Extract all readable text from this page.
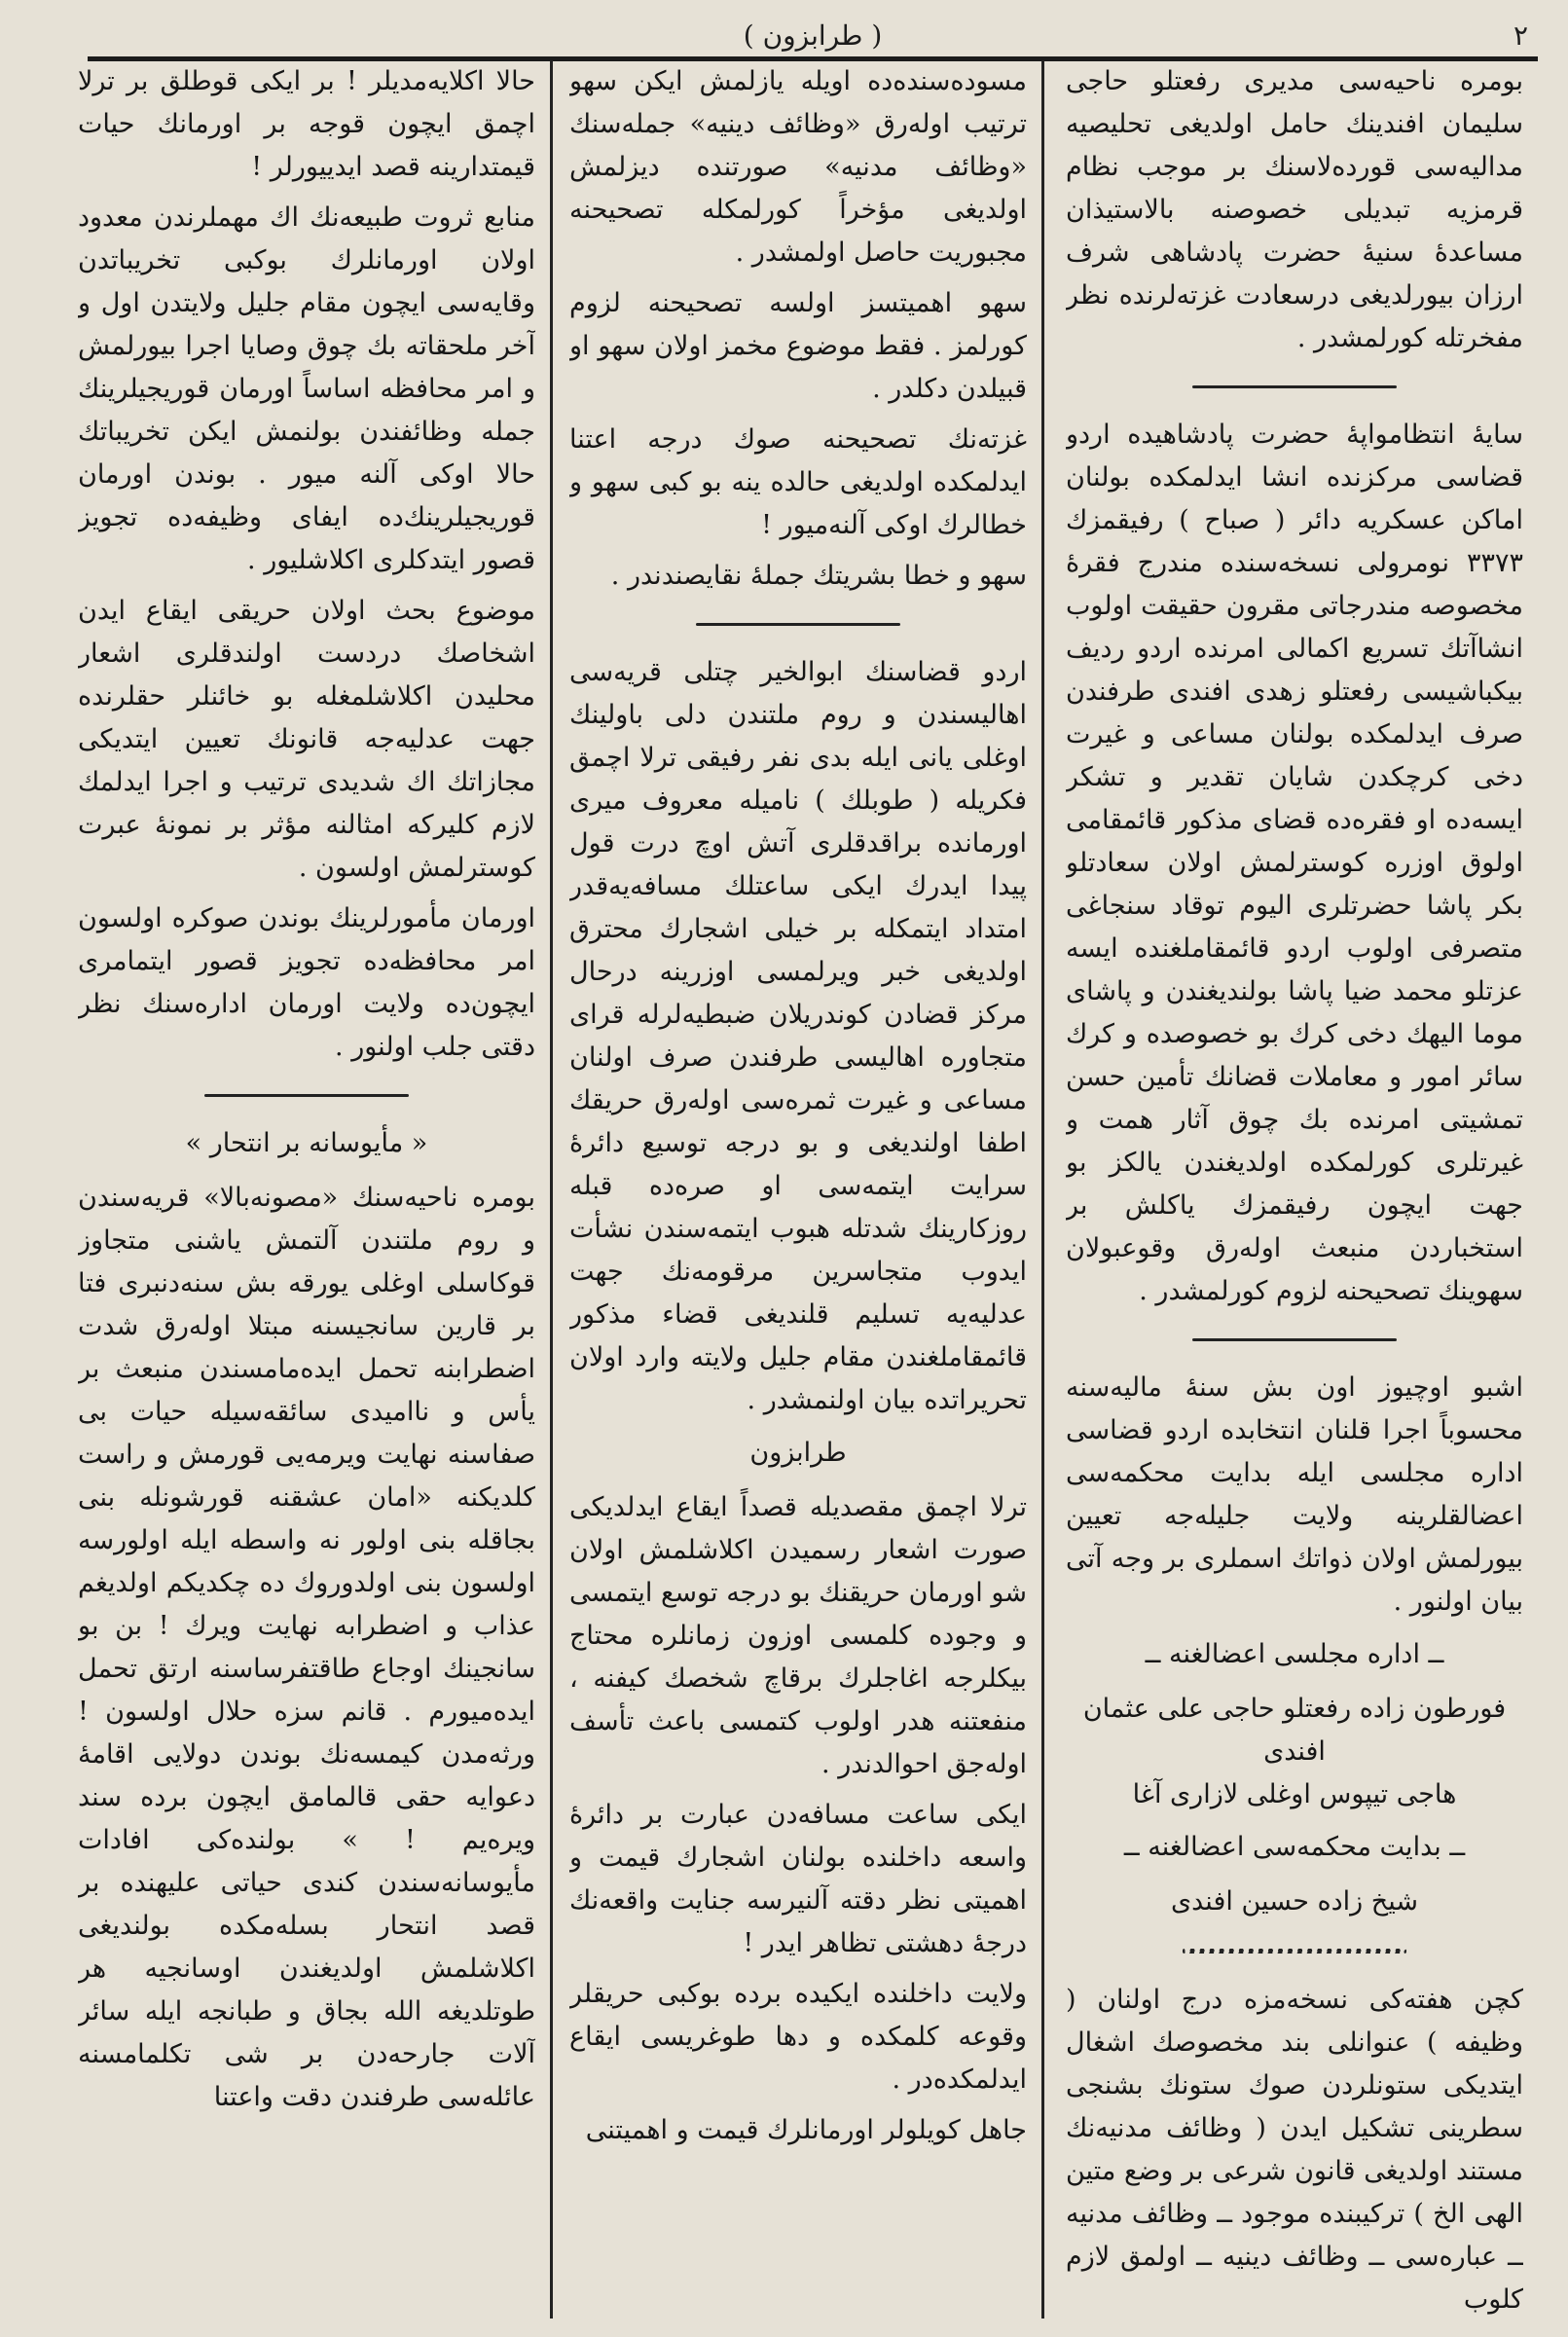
( طرابزون )	٢

بومره ناحیه‌سی مدیری رفعتلو حاجی سلیمان افندینك حامل اولدیغی تحلیصیه مدالیه‌سی قورده‌لاسنك بر موجب نظام قرمزیه تبدیلی خصوصنه بالاستیذان مساعدهٔ سنیهٔ حضرت پادشاهی شرف ارزان بیورلدیغی درسعادت غزته‌لرنده نظر مفخرتله کورلمشدر .

سایهٔ انتظامواپهٔ حضرت پادشاهیده اردو قضاسی مرکزنده انشا ایدلمکده بولنان اماکن عسکریه دائر ( صباح ) رفیقمزك ٣٣٧٣ نومرولی نسخه‌سنده مندرج فقرهٔ مخصوصه مندرجاتی مقرون حقیقت اولوب انشاآتك تسریع اکمالی امرنده اردو ردیف بیکباشیسی رفعتلو زهدی افندی طرفندن صرف ایدلمکده بولنان مساعی و غیرت دخی کرچکدن شایان تقدیر و تشکر ایسه‌ده او فقره‌ده قضای مذکور قائمقامی اولوق اوزره کوسترلمش اولان سعادتلو بکر پاشا حضرتلری الیوم توقاد سنجاغی متصرفی اولوب اردو قائمقاملغنده ایسه عزتلو محمد ضیا پاشا بولندیغندن و پاشای موما الیهك دخی کرك بو خصوصده و کرك سائر امور و معاملات قضانك تأمین حسن تمشیتی امرنده بك چوق آثار همت و غیرتلری کورلمکده اولدیغندن یالکز بو جهت ایچون رفیقمزك یاکلش بر استخباردن منبعث اوله‌رق وقوعبولان سهوینك تصحیحنه لزوم کورلمشدر .

اشبو اوچیوز اون بش سنهٔ مالیه‌سنه محسوباً اجرا قلنان انتخابده اردو قضاسی اداره مجلسی ایله بدایت محکمه‌سی اعضالقلرینه ولایت جلیله‌جه تعیین بیورلمش اولان ذواتك اسملری بر وجه آتی بیان اولنور .

ــ اداره مجلسی اعضالغنه ــ
فورطون زاده رفعتلو حاجی علی عثمان افندی
هاجی تیپوس اوغلی لازاری آغا
ــ بدایت محکمه‌سی اعضالغنه ــ
شیخ زاده حسین افندی

کچن هفته‌کی نسخه‌مزه درج اولنان ( وظیفه ) عنوانلی بند مخصوصك اشغال ایتدیکی ستونلردن صوك ستونك بشنجی سطرینی تشکیل ایدن ( وظائف مدنیه‌نك مستند اولدیغی قانون شرعی بر وضع متین الهی الخ ) ترکیبنده موجود ــ وظائف مدنیه ــ عباره‌سی ــ وظائف دینیه ــ اولمق لازم کلوب

مسوده‌سنده‌ده اویله یازلمش ایکن سهو ترتیب اوله‌رق «وظائف دینیه» جمله‌سنك «وظائف مدنیه» صورتنده دیزلمش اولدیغی مؤخراً کورلمکله تصحیحنه مجبوریت حاصل اولمشدر .

سهو اهمیتسز اولسه تصحیحنه لزوم کورلمز . فقط موضوع مخمز اولان سهو او قبیلدن دکلدر .

غزته‌نك تصحیحنه صوك درجه اعتنا ایدلمکده اولدیغی حالده ینه بو کبی سهو و خطالرك اوکی آلنه‌میور !

سهو و خطا بشریتك جملهٔ نقایصندندر .

اردو قضاسنك ابوالخیر چتلی قریه‌سی اهالیسندن و روم ملتندن دلی باولینك اوغلی یانی ایله بدی نفر رفیقی ترلا اچمق فکریله ( طوبلك ) نامیله معروف میری اورمانده براقدقلری آتش اوچ درت قول پیدا ایدرك ایکی ساعتلك مسافه‌یه‌قدر امتداد ایتمکله بر خیلی اشجارك محترق اولدیغی خبر ویرلمسی اوزرینه درحال مرکز قضادن کوندریلان ضبطیه‌لرله قرای متجاوره اهالیسی طرفندن صرف اولنان مساعی و غیرت ثمره‌سی اوله‌رق حریقك اطفا اولندیغی و بو درجه توسیع دائرهٔ سرایت ایتمه‌سی او صره‌ده قبله روزکارینك شدتله هبوب ایتمه‌سندن نشأت ایدوب متجاسرین مرقومه‌نك جهت عدلیه‌یه تسلیم قلندیغی قضاء مذکور قائمقاملغندن مقام جلیل ولایته وارد اولان تحریراتده بیان اولنمشدر .

طرابزون

ترلا اچمق مقصدیله قصداً ایقاع ایدلدیکی صورت اشعار رسمیدن اکلاشلمش اولان شو اورمان حریقنك بو درجه توسع ایتمسی و وجوده کلمسی اوزون زمانلره محتاج بیکلرجه اغاجلرك برقاچ شخصك کیفنه ، منفعتنه هدر اولوب کتمسی باعث تأسف اوله‌جق احوالدندر .

ایکی ساعت مسافه‌دن عبارت بر دائرهٔ واسعه داخلنده بولنان اشجارك قیمت و اهمیتی نظر دقته آلنیرسه جنایت واقعه‌نك درجهٔ دهشتی تظاهر ایدر !

ولایت داخلنده ایکیده برده بوکبی حریقلر وقوعه کلمکده و دها طوغریسی ایقاع ایدلمکده‌در .

جاهل کویلولر اورمانلرك قیمت و اهمیتنی

حالا اکلایه‌مدیلر ! بر ایکی قوطلق بر ترلا اچمق ایچون قوجه بر اورمانك حیات قیمتدارینه قصد ایدییورلر !

منابع ثروت طبیعه‌نك اك مهملرندن معدود اولان اورمانلرك بوکبی تخریباتدن وقایه‌سی ایچون مقام جلیل ولایتدن اول و آخر ملحقاته بك چوق وصایا اجرا بیورلمش و امر محافظه اساساً اورمان قوریجیلرینك جمله‌ وظائفندن بولنمش ایکن تخریباتك حالا اوکی آلنه میور . بوندن اورمان قوریجیلرینك‌ده ایفای وظیفه‌ده تجویز قصور ایتدکلری اکلاشلیور .

موضوع بحث اولان حریقی ایقاع ایدن اشخاصك دردست اولندقلری اشعار محلیدن اکلاشلمغله بو خائنلر حقلرنده جهت عدلیه‌جه قانونك تعیین ایتدیکی مجازاتك اك شدیدی ترتیب و اجرا ایدلمك لازم کلیرکه امثالنه مؤثر بر نمونهٔ عبرت کوسترلمش اولسون .

اورمان مأمورلرینك بوندن صوکره اولسون امر محافظه‌ده تجویز قصور ایتمامری ایچون‌ده ولایت اورمان اداره‌سنك نظر دقتی جلب اولنور .

« مأیوسانه بر انتحار »

بومره ناحیه‌سنك «مصونه‌بالا» قریه‌سندن و روم ملتندن آلتمش یاشنی متجاوز قوکاسلی اوغلی یورقه بش سنه‌دنبری فتا بر قارین سانجیسنه مبتلا اوله‌رق شدت اضطرابنه تحمل ایده‌مامسندن منبعث بر یأس و ناامیدی سائقه‌سیله حیات بی صفاسنه نهایت ویرمه‌یی قورمش و راست کلدیکنه «امان عشقنه قورشونله بنی بجاقله بنی اولور نه واسطه ایله اولورسه اولسون بنی اولدوروك ده چکدیکم اولدیغم عذاب و اضطرابه نهایت ویرك ! بن بو سانجینك اوجاع طاقتفرساسنه ارتق تحمل ایده‌میورم . قانم سزه حلال اولسون ! ورثه‌مدن کیمسه‌نك بوندن دولایی اقامهٔ دعوایه حقی قالمامق ایچون برده سند ویرەیم ! » بولنده‌کی افادات مأیوسانه‌سندن کندی حیاتی علیهنده بر قصد انتحار بسله‌مکده بولندیغی اکلاشلمش اولدیغندن اوسانجیه هر طوتلدیغه الله بجاق و طبانجه ایله سائر آلات جارحه‌دن بر شی تکلمامسنه عائله‌سی طرفندن دقت واعتنا
